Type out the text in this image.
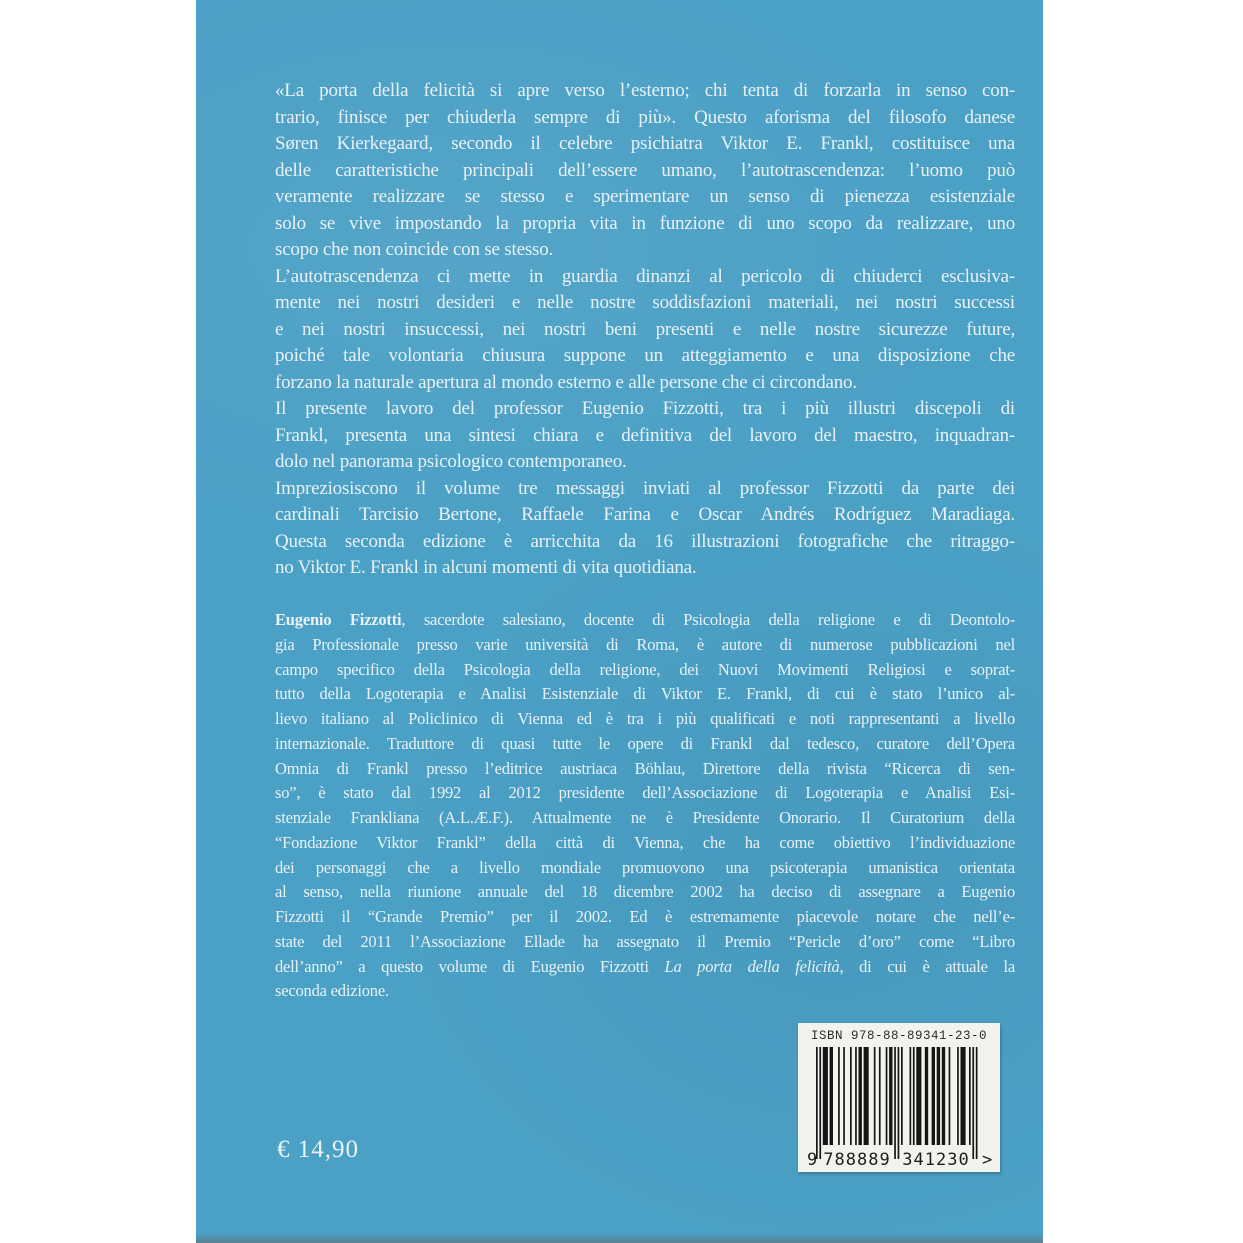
«La porta della felicità si apre verso l’esterno; chi tenta di forzarla in senso con-
trario, finisce per chiuderla sempre di più». Questo aforisma del filosofo danese
Søren Kierkegaard, secondo il celebre psichiatra Viktor E. Frankl, costituisce una
delle caratteristiche principali dell’essere umano, l’autotrascendenza: l’uomo può
veramente realizzare se stesso e sperimentare un senso di pienezza esistenziale
solo se vive impostando la propria vita in funzione di uno scopo da realizzare, uno
scopo che non coincide con se stesso.
L’autotrascendenza ci mette in guardia dinanzi al pericolo di chiuderci esclusiva-
mente nei nostri desideri e nelle nostre soddisfazioni materiali, nei nostri successi
e nei nostri insuccessi, nei nostri beni presenti e nelle nostre sicurezze future,
poiché tale volontaria chiusura suppone un atteggiamento e una disposizione che
forzano la naturale apertura al mondo esterno e alle persone che ci circondano.
Il presente lavoro del professor Eugenio Fizzotti, tra i più illustri discepoli di
Frankl, presenta una sintesi chiara e definitiva del lavoro del maestro, inquadran-
dolo nel panorama psicologico contemporaneo.
Impreziosiscono il volume tre messaggi inviati al professor Fizzotti da parte dei
cardinali Tarcisio Bertone, Raffaele Farina e Oscar Andrés Rodríguez Maradiaga.
Questa seconda edizione è arricchita da 16 illustrazioni fotografiche che ritraggo-
no Viktor E. Frankl in alcuni momenti di vita quotidiana.
Eugenio Fizzotti, sacerdote salesiano, docente di Psicologia della religione e di Deontolo-
gia Professionale presso varie università di Roma, è autore di numerose pubblicazioni nel
campo specifico della Psicologia della religione, dei Nuovi Movimenti Religiosi e soprat-
tutto della Logoterapia e Analisi Esistenziale di Viktor E. Frankl, di cui è stato l’unico al-
lievo italiano al Policlinico di Vienna ed è tra i più qualificati e noti rappresentanti a livello
internazionale. Traduttore di quasi tutte le opere di Frankl dal tedesco, curatore dell’Opera
Omnia di Frankl presso l’editrice austriaca Böhlau, Direttore della rivista “Ricerca di sen-
so”, è stato dal 1992 al 2012 presidente dell’Associazione di Logoterapia e Analisi Esi-
stenziale Frankliana (A.L.Æ.F.). Attualmente ne è Presidente Onorario. Il Curatorium della
“Fondazione Viktor Frankl” della città di Vienna, che ha come obiettivo l’individuazione
dei personaggi che a livello mondiale promuovono una psicoterapia umanistica orientata
al senso, nella riunione annuale del 18 dicembre 2002 ha deciso di assegnare a Eugenio
Fizzotti il “Grande Premio” per il 2002. Ed è estremamente piacevole notare che nell’e-
state del 2011 l’Associazione Ellade ha assegnato il Premio “Pericle d’oro” come “Libro
dell’anno” a questo volume di Eugenio Fizzotti La porta della felicità, di cui è attuale la
seconda edizione.
€ 14,90
ISBN 978-88-89341-23-0
9 788889 341230 >
